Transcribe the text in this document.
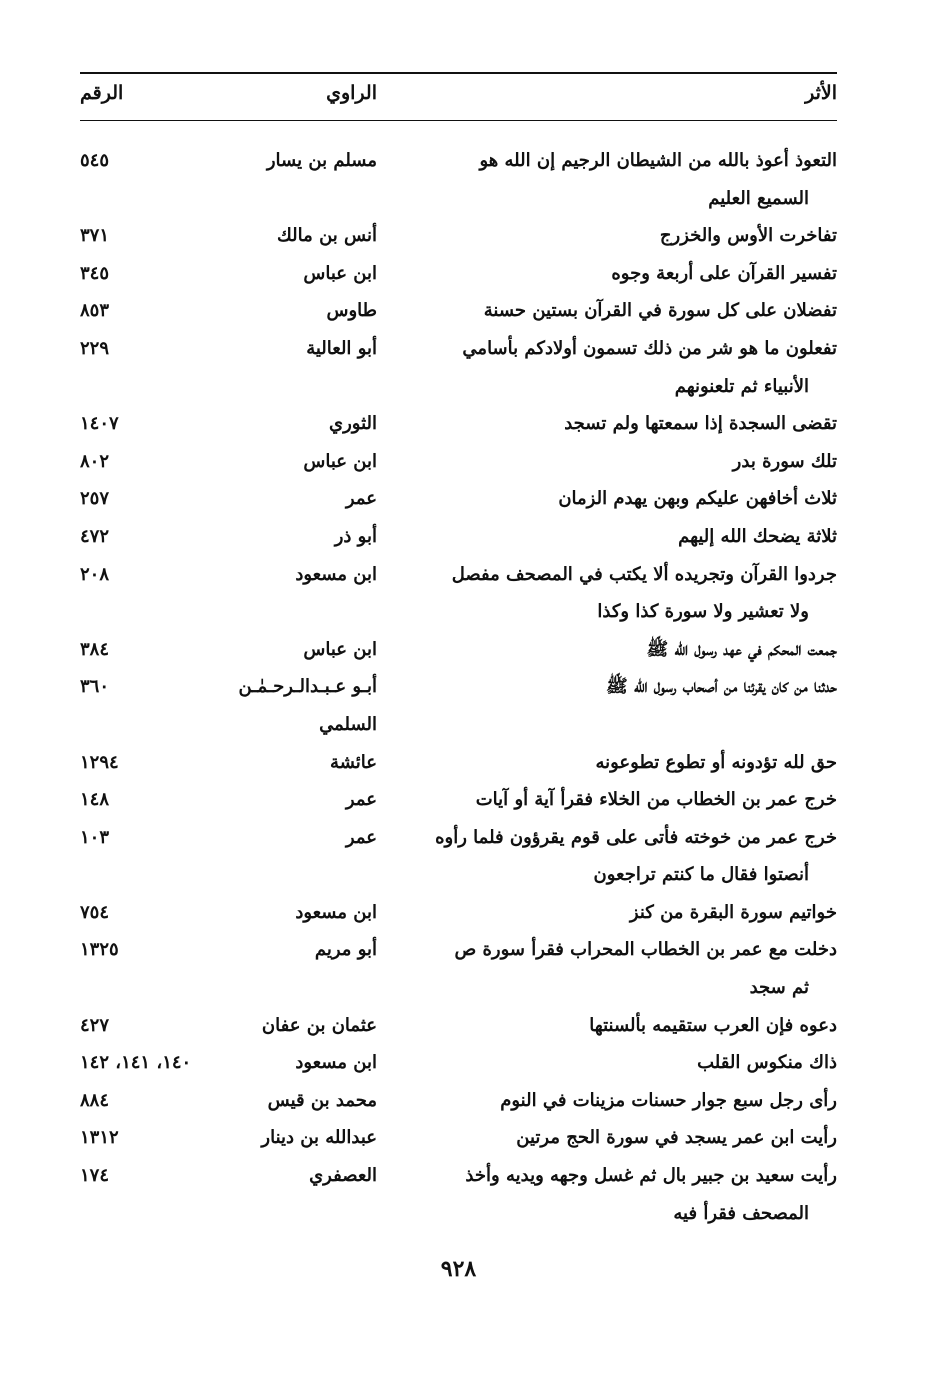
الأثر
الراوي
الرقم
التعوذ أعوذ بالله من الشيطان الرجيم إن الله هو
السميع العليم
مسلم بن يسار
٥٤٥
تفاخرت الأوس والخزرج
أنس بن مالك
٣٧١
تفسير القرآن على أربعة وجوه
ابن عباس
٣٤٥
تفضلان على كل سورة في القرآن بستين حسنة
طاوس
٨٥٣
تفعلون ما هو شر من ذلك تسمون أولادكم بأسامي
الأنبياء ثم تلعنونهم
أبو العالية
٢٢٩
تقضى السجدة إذا سمعتها ولم تسجد
الثوري
١٤٠٧
تلك سورة بدر
ابن عباس
٨٠٢
ثلاث أخافهن عليكم وبهن يهدم الزمان
عمر
٢٥٧
ثلاثة يضحك الله إليهم
أبو ذر
٤٧٢
جردوا القرآن وتجريده ألا يكتب في المصحف مفصل
ولا تعشير ولا سورة كذا وكذا
ابن مسعود
٢٠٨
جمعت المحكم في عهد رسول الله ﷺ
ابن عباس
٣٨٤
حدثنا من كان يقرئنا من أصحاب رسول الله ﷺ
أبـو عـبـدالـرحـمٰـن
السلمي
٣٦٠
حق لله تؤدونه أو تطوع تطوعونه
عائشة
١٢٩٤
خرج عمر بن الخطاب من الخلاء فقرأ آية أو آيات
عمر
١٤٨
خرج عمر من خوخته فأتى على قوم يقرؤون فلما رأوه
أنصتوا فقال ما كنتم تراجعون
عمر
١٠٣
خواتيم سورة البقرة من كنز
ابن مسعود
٧٥٤
دخلت مع عمر بن الخطاب المحراب فقرأ سورة ص
ثم سجد
أبو مريم
١٣٢٥
دعوه فإن العرب ستقيمه بألسنتها
عثمان بن عفان
٤٢٧
ذاك منكوس القلب
ابن مسعود
١٤٠، ١٤١، ١٤٢
رأى رجل سبع جوار حسنات مزينات في النوم
محمد بن قيس
٨٨٤
رأيت ابن عمر يسجد في سورة الحج مرتين
عبدالله بن دينار
١٣١٢
رأيت سعيد بن جبير بال ثم غسل وجهه ويديه وأخذ
المصحف فقرأ فيه
العصفري
١٧٤
٩٢٨
